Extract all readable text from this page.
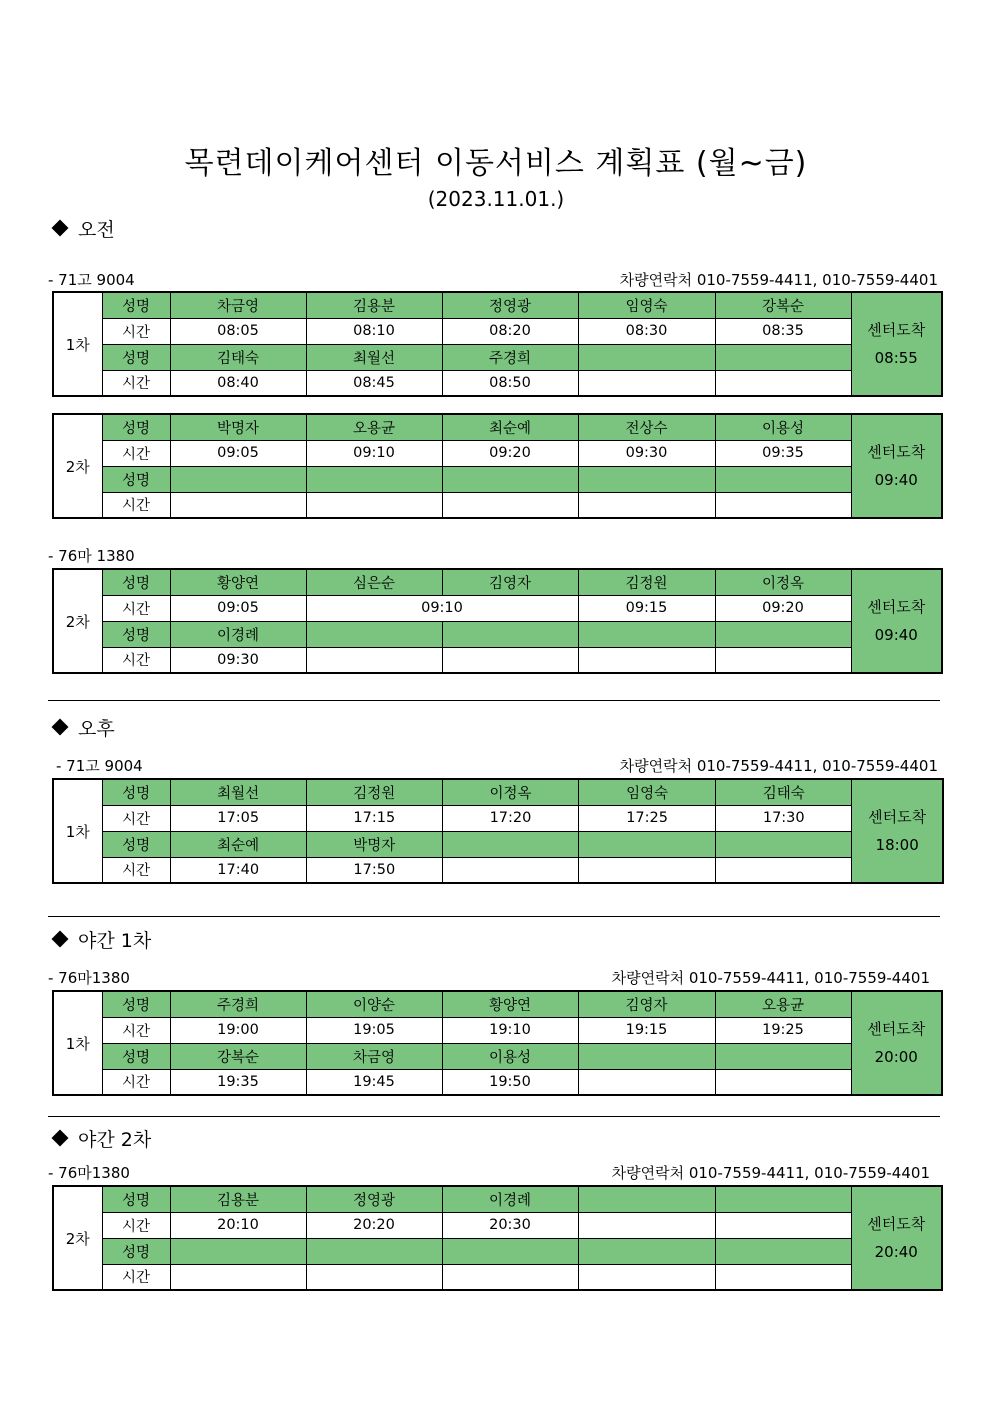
목련데이케어센터 이동서비스 계획표 (월~금)
(2023.11.01.)
오전
- 71고 9004	차량연락처 010-7559-4411, 010-7559-4401
1차	성명	차금영	김용분	정영광	임영숙	강복순	센터도착
08:55

	시간	08:05	08:10	08:20	08:30	08:35	
	성명	김태숙	최월선	주경희			
	시간	08:40	08:45	08:50			
2차	성명	박명자	오용균	최순예	전상수	이용성	센터도착
09:40

	시간	09:05	09:10	09:20	09:30	09:35	
	성명						
	시간						
- 76마 1380
2차	성명	황양연	심은순	김영자	김정원	이정옥	센터도착
09:40

	시간	09:05	09:10		09:15	09:20	
	성명	이경례					
	시간	09:30					
오후
- 71고 9004	차량연락처 010-7559-4411, 010-7559-4401
1차	성명	최월선	김정원	이정옥	임영숙	김태숙	센터도착
18:00

	시간	17:05	17:15	17:20	17:25	17:30	
	성명	최순예	박명자				
	시간	17:40	17:50				
야간 1차
- 76마1380	차량연락처 010-7559-4411, 010-7559-4401
1차	성명	주경희	이양순	황양연	김영자	오용균	센터도착
20:00

	시간	19:00	19:05	19:10	19:15	19:25	
	성명	강복순	차금영	이용성			
	시간	19:35	19:45	19:50			
야간 2차
- 76마1380	차량연락처 010-7559-4411, 010-7559-4401
2차	성명	김용분	정영광	이경례			센터도착
20:40

	시간	20:10	20:20	20:30			
	성명						
	시간						
